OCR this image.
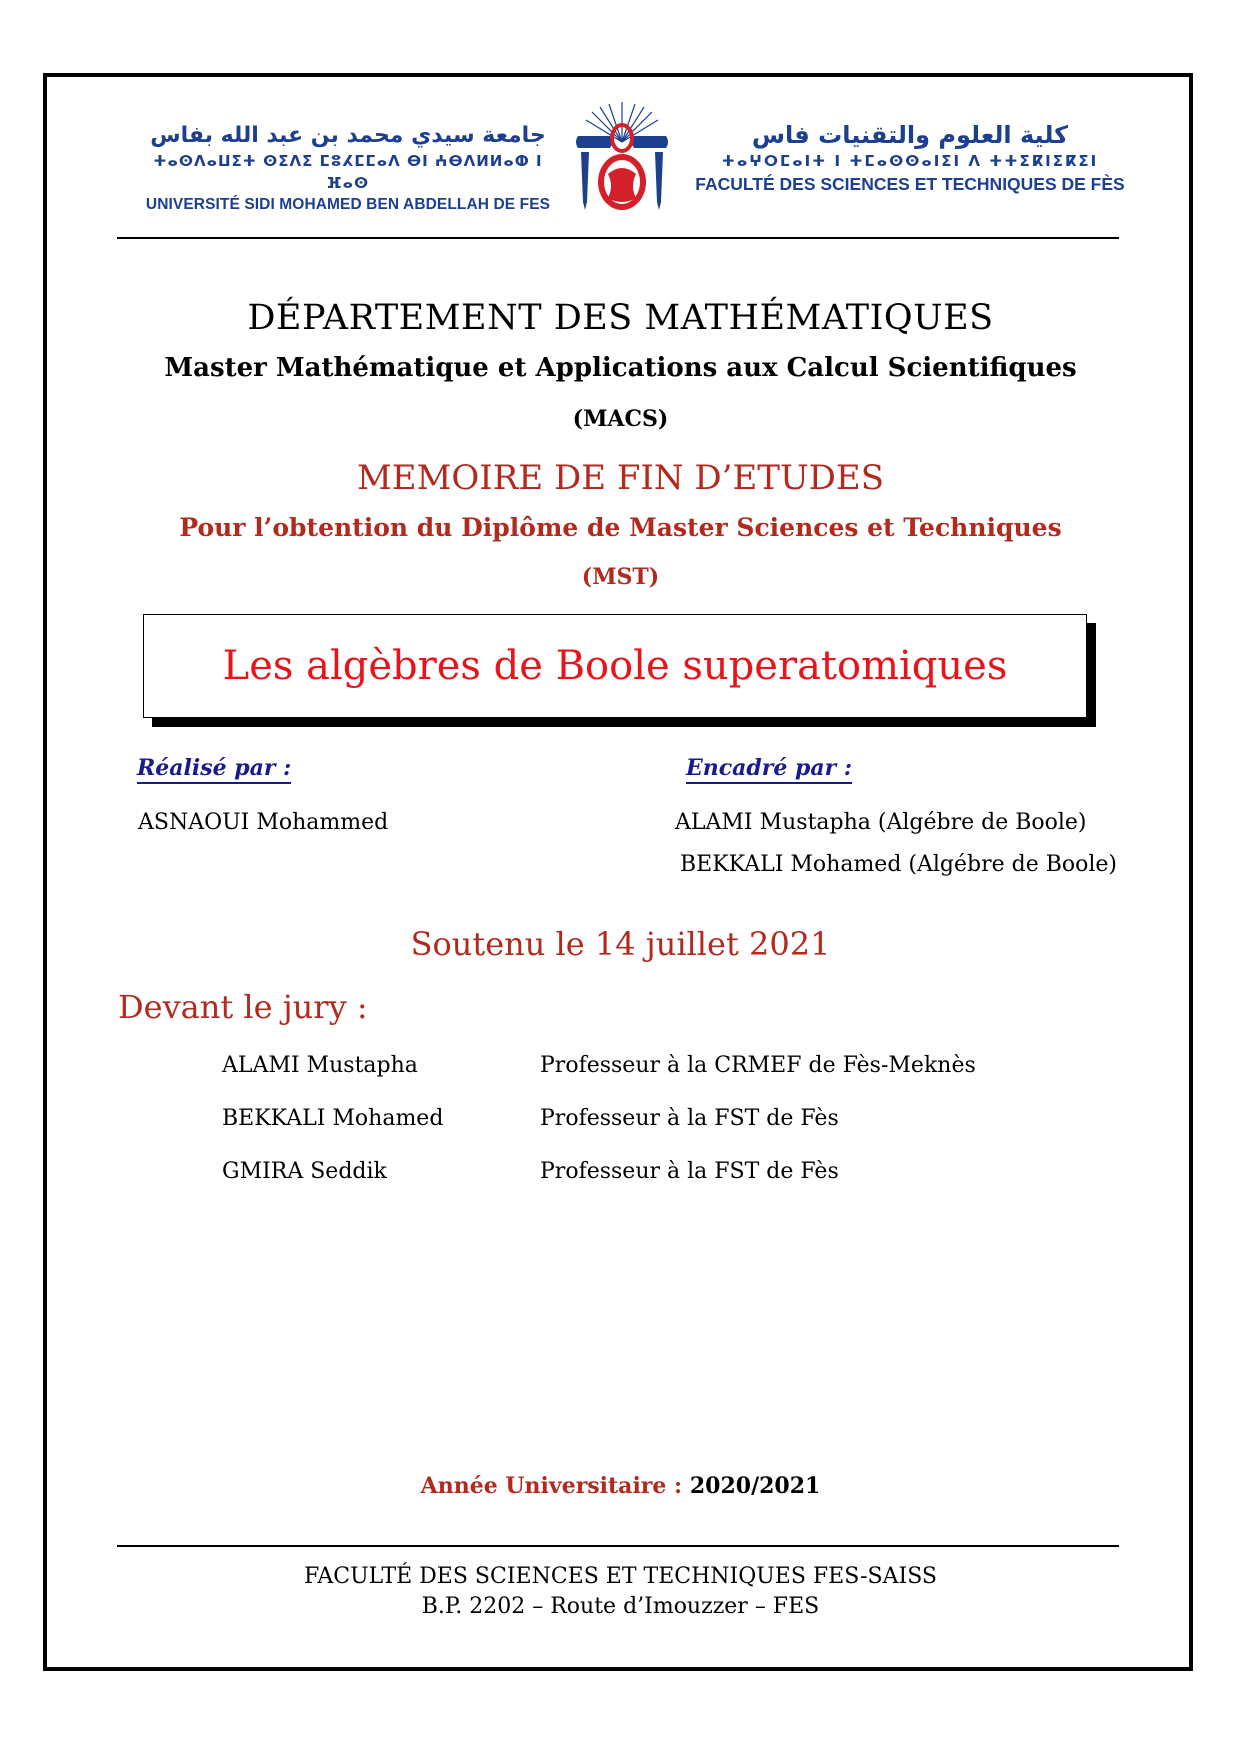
جامعة سيدي محمد بن عبد الله بفاس
ⵜⴰⵙⴷⴰⵡⵉⵜ ⵙⵉⴷⵉ ⵎⵓⵃⵎⵎⴰⴷ ⴱⵏ ⵄⴱⴷⵍⵍⴰⵀ ⵏ ⴼⴰⵙ
UNIVERSITÉ SIDI MOHAMED BEN ABDELLAH DE FES
كلية العلوم والتقنيات فاس
ⵜⴰⵖⵔⵎⴰⵏⵜ ⵏ ⵜⵎⴰⵙⵙⴰⵏⵉⵏ ⴷ ⵜⵜⵉⴽⵏⵉⴽⵉⵏ
FACULTÉ DES SCIENCES ET TECHNIQUES DE FÈS
DÉPARTEMENT DES MATHÉMATIQUES
Master Mathématique et Applications aux Calcul Scientifiques
(MACS)
MEMOIRE DE FIN D’ETUDES
Pour l’obtention du Diplôme de Master Sciences et Techniques
(MST)
Les algèbres de Boole superatomiques
Réalisé par :	Encadré par :
ASNAOUI Mohammed	ALAMI Mustapha (Algébre de Boole)
BEKKALI Mohamed (Algébre de Boole)
Soutenu le 14 juillet 2021
Devant le jury :
ALAMI Mustapha	Professeur à la CRMEF de Fès-Meknès
BEKKALI Mohamed	Professeur à la FST de Fès
GMIRA Seddik	Professeur à la FST de Fès
Année Universitaire : 2020/2021
FACULTÉ DES SCIENCES ET TECHNIQUES FES-SAISS
B.P. 2202 – Route d’Imouzzer – FES
